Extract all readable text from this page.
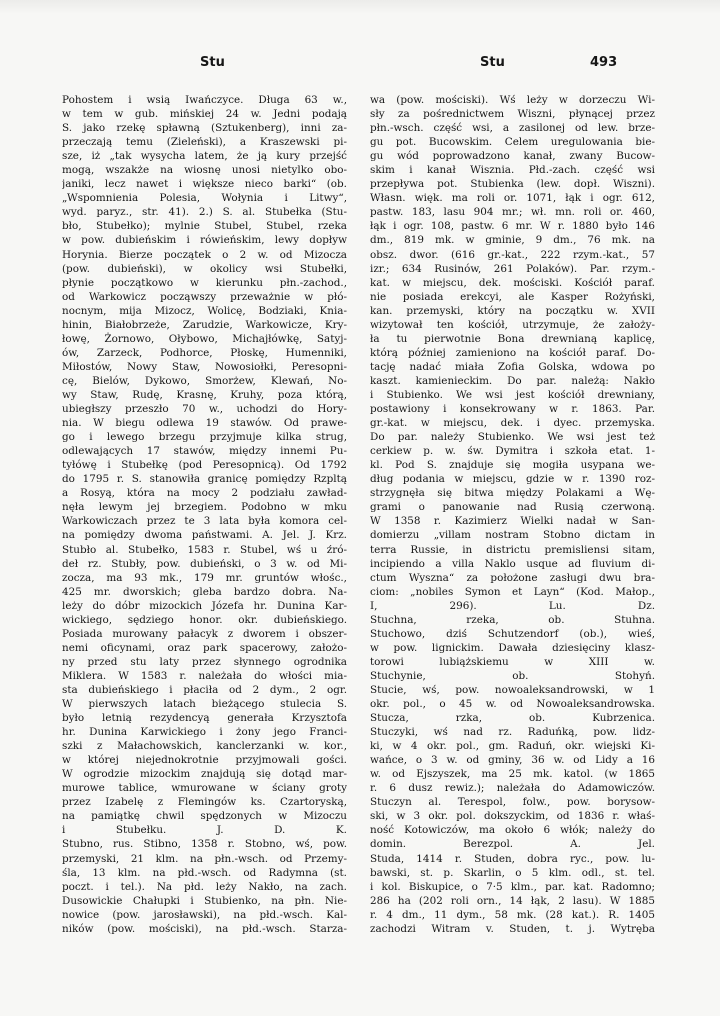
Stu	Stu	493
Pohostem i wsią Iwańczyce. Długa 63 w.,
w tem w gub. mińskiej 24 w. Jedni podają
S. jako rzekę spławną (Sztukenberg), inni za-
przeczają temu (Zieleński), a Kraszewski pi-
sze, iż „tak wysycha latem, że ją kury przejść
mogą, wszakże na wiosnę unosi nietylko obo-
janiki, lecz nawet i większe nieco barki“ (ob.
„Wspomnienia Polesia, Wołynia i Litwy“,
wyd. paryz., str. 41). 2.) S. al. Stubełka (Stu-
bło, Stubełko); mylnie Stubel, Stubel, rzeka
w pow. dubieńskim i rówieńskim, lewy dopływ
Horynia. Bierze początek o 2 w. od Mizocza
(pow. dubieński), w okolicy wsi Stubełki,
płynie początkowo w kierunku płn.-zachod.,
od Warkowicz począwszy przeważnie w płó-
nocnym, mija Mizocz, Wolicę, Bodziaki, Knia-
hinin, Białobrzeże, Zarudzie, Warkowicze, Kry-
łowę, Żornowo, Ołybowo, Michajłówkę, Satyj-
ów, Zarzeck, Podhorce, Płoskę, Humenniki,
Miłostów, Nowy Staw, Nowosiołki, Peresopni-
cę, Bielów, Dykowo, Smorżew, Klewań, No-
wy Staw, Rudę, Krasnę, Kruhy, poza którą,
ubiegłszy przeszło 70 w., uchodzi do Hory-
nia. W biegu odlewa 19 stawów. Od prawe-
go i lewego brzegu przyjmuje kilka strug,
odlewających 17 stawów, między innemi Pu-
tyłówę i Stubełkę (pod Peresopnicą). Od 1792
do 1795 r. S. stanowiła granicę pomiędzy Rzpltą
a Rosyą, która na mocy 2 podziału zawład-
nęła lewym jej brzegiem. Podobno w mku
Warkowiczach przez te 3 lata była komora cel-
na pomiędzy dwoma państwami. A. Jel. J. Krz.
Stubło al. Stubełko, 1583 r. Stubel, wś u źró-
deł rz. Stubły, pow. dubieński, o 3 w. od Mi-
zocza, ma 93 mk., 179 mr. gruntów włośc.,
425 mr. dworskich; gleba bardzo dobra. Na-
leży do dóbr mizockich Józefa hr. Dunina Kar-
wickiego, sędziego honor. okr. dubieńskiego.
Posiada murowany pałacyk z dworem i obszer-
nemi oficynami, oraz park spacerowy, założo-
ny przed stu laty przez słynnego ogrodnika
Miklera. W 1583 r. należała do włości mia-
sta dubieńskiego i płaciła od 2 dym., 2 ogr.
W pierwszych latach bieżącego stulecia S.
było letnią rezydencyą generała Krzysztofa
hr. Dunina Karwickiego i żony jego Franci-
szki z Małachowskich, kanclerzanki w. kor.,
w której niejednokrotnie przyjmowali gości.
W ogrodzie mizockim znajdują się dotąd mar-
murowe tablice, wmurowane w ściany groty
przez Izabelę z Flemingów ks. Czartoryską,
na pamiątkę chwil spędzonych w Mizoczu
i Stubełku. J. D. K.
Stubno, rus. Stibno, 1358 r. Stobno, wś, pow.
przemyski, 21 klm. na płn.-wsch. od Przemy-
śla, 13 klm. na płd.-wsch. od Radymna (st.
poczt. i tel.). Na płd. leży Nakło, na zach.
Dusowickie Chałupki i Stubienko, na płn. Nie-
nowice (pow. jarosławski), na płd.-wsch. Kal-
ników (pow. mościski), na płd.-wsch. Starza-
wa (pow. mościski). Wś leży w dorzeczu Wi-
sły za pośrednictwem Wiszni, płynącej przez
płn.-wsch. część wsi, a zasilonej od lew. brze-
gu pot. Bucowskim. Celem uregulowania bie-
gu wód poprowadzono kanał, zwany Bucow-
skim i kanał Wisznia. Płd.-zach. część wsi
przepływa pot. Stubienka (lew. dopł. Wiszni).
Własn. więk. ma roli or. 1071, łąk i ogr. 612,
pastw. 183, lasu 904 mr.; wł. mn. roli or. 460,
łąk i ogr. 108, pastw. 6 mr. W r. 1880 było 146
dm., 819 mk. w gminie, 9 dm., 76 mk. na
obsz. dwor. (616 gr.-kat., 222 rzym.-kat., 57
izr.; 634 Rusinów, 261 Polaków). Par. rzym.-
kat. w miejscu, dek. mościski. Kościół paraf.
nie posiada erekcyi, ale Kasper Rożyński,
kan. przemyski, który na początku w. XVII
wizytował ten kościół, utrzymuje, że założy-
ła tu pierwotnie Bona drewnianą kaplicę,
którą później zamieniono na kościół paraf. Do-
tację nadać miała Zofia Golska, wdowa po
kaszt. kamienieckim. Do par. należą: Nakło
i Stubienko. We wsi jest kościół drewniany,
postawiony i konsekrowany w r. 1863. Par.
gr.-kat. w miejscu, dek. i dyec. przemyska.
Do par. należy Stubienko. We wsi jest też
cerkiew p. w. św. Dymitra i szkoła etat. 1-
kl. Pod S. znajduje się mogiła usypana we-
dług podania w miejscu, gdzie w r. 1390 roz-
strzygnęła się bitwa między Polakami a Wę-
grami o panowanie nad Rusią czerwoną.
W 1358 r. Kazimierz Wielki nadał w San-
domierzu „villam nostram Stobno dictam in
terra Russie, in districtu premisliensi sitam,
incipiendo a villa Naklo usque ad fluvium di-
ctum Wyszna“ za położone zasługi dwu bra-
ciom: „nobiles Symon et Layn“ (Kod. Małop.,
I, 296). Lu. Dz.
Stuchna, rzeka, ob. Stuhna.
Stuchowo, dziś Schutzendorf (ob.), wieś,
w pow. lignickim. Dawała dziesięciny klasz-
torowi lubiążskiemu w XIII w.
Stuchynie, ob. Stohyń.
Stucie, wś, pow. nowoaleksandrowski, w 1
okr. pol., o 45 w. od Nowoaleksandrowska.
Stucza, rzka, ob. Kubrzenica.
Stuczyki, wś nad rz. Raduńką, pow. lidz-
ki, w 4 okr. pol., gm. Raduń, okr. wiejski Ki-
wańce, o 3 w. od gminy, 36 w. od Lidy a 16
w. od Ejszyszek, ma 25 mk. katol. (w 1865
r. 6 dusz rewiz.); należała do Adamowiczów.
Stuczyn al. Terespol, folw., pow. borysow-
ski, w 3 okr. pol. dokszyckim, od 1836 r. właś-
ność Kotowiczów, ma około 6 włók; należy do
domin. Berezpol. A. Jel.
Studa, 1414 r. Studen, dobra ryc., pow. lu-
bawski, st. p. Skarlin, o 5 klm. odl., st. tel.
i kol. Biskupice, o 7·5 klm., par. kat. Radomno;
286 ha (202 roli orn., 14 łąk, 2 lasu). W 1885
r. 4 dm., 11 dym., 58 mk. (28 kat.). R. 1405
zachodzi Witram v. Studen, t. j. Wytręba
